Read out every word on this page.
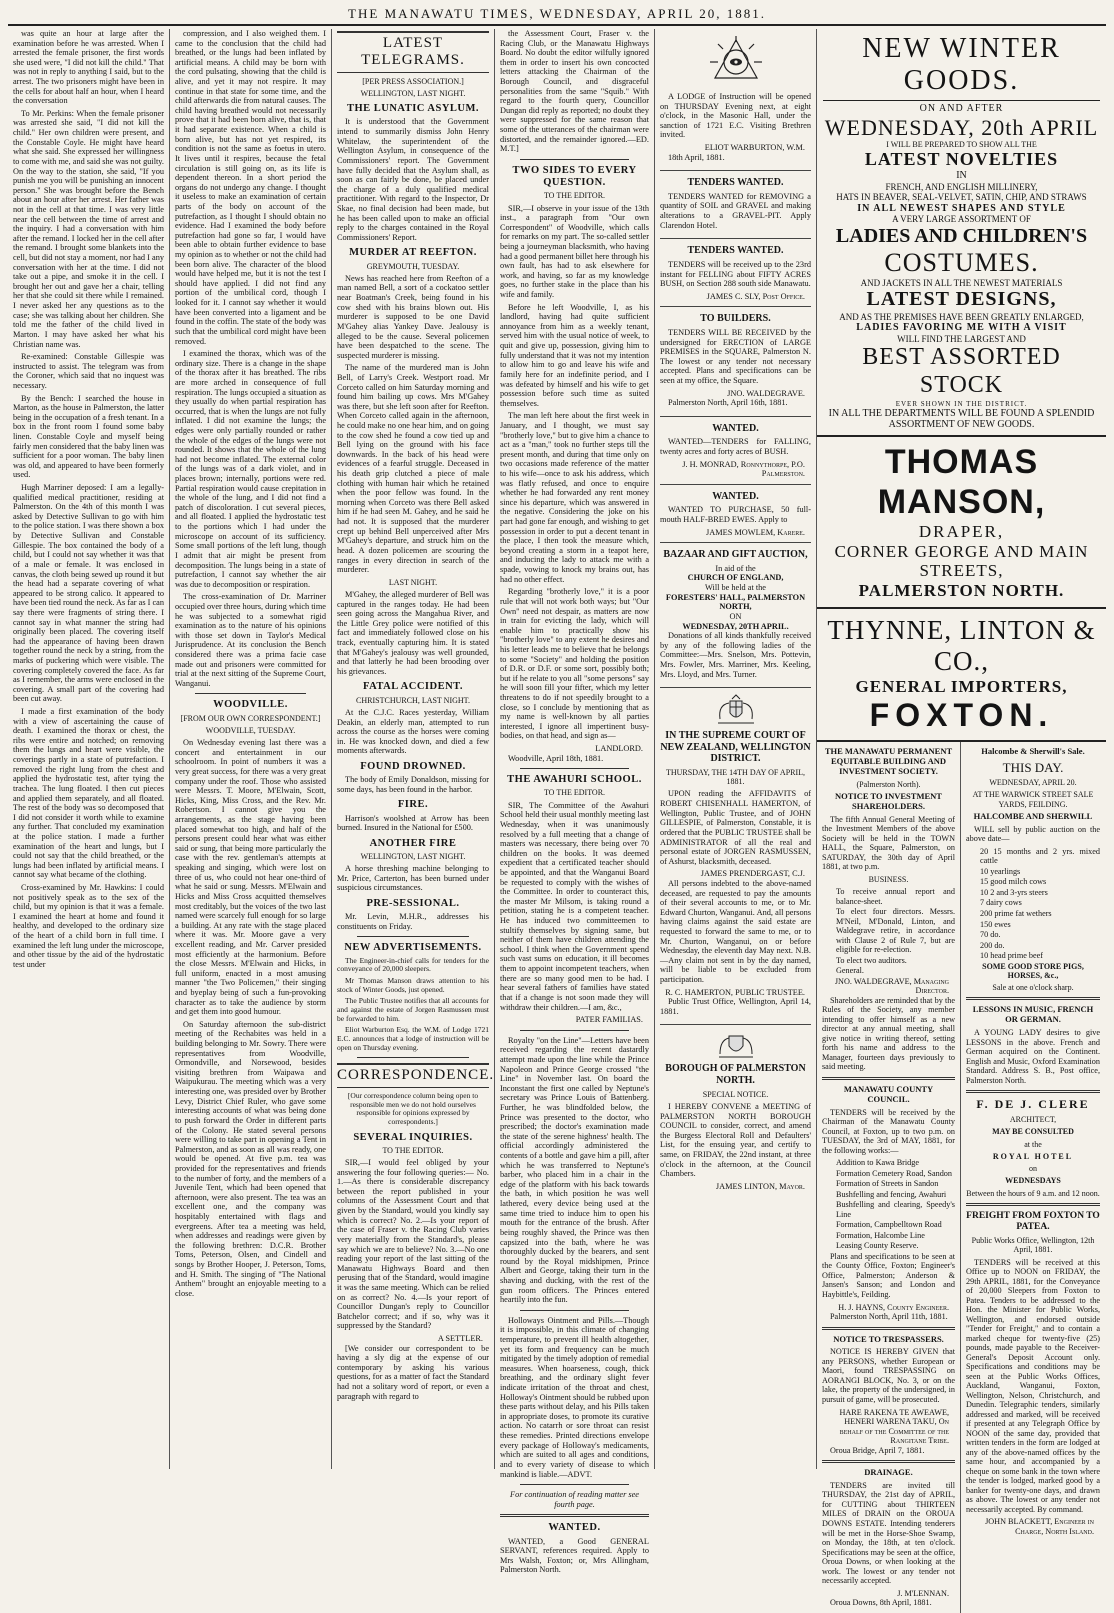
THE MANAWATU TIMES, WEDNESDAY, APRIL 20, 1881.

was quite an hour at large after the examination before he was arrested. When I arrested the female prisoner, the first words she used were, "I did not kill the child." That was not in reply to anything I said, but to the arrest. The two prisoners might have been in the cells for about half an hour, when I heard the conversation

To Mr. Perkins: When the female prisoner was arrested she said, "I did not kill the child." Her own children were present, and the Constable Coyle. He might have heard what she said. She expressed her willingness to come with me, and said she was not guilty. On the way to the station, she said, "If you punish me you will be punishing an innocent person." She was brought before the Bench about an hour after her arrest. Her father was not in the cell at that time. I was very little near the cell between the time of arrest and the inquiry. I had a conversation with him after the remand. I locked her in the cell after the remand. I brought some blankets into the cell, but did not stay a moment, nor had I any conversation with her at the time. I did not take out a pipe, and smoke it in the cell. I brought her out and gave her a chair, telling her that she could sit there while I remained. I never asked her any questions as to the case; she was talking about her children. She told me the father of the child lived in Marton. I may have asked her what his Christian name was.

Re-examined: Constable Gillespie was instructed to assist. The telegram was from the Coroner, which said that no inquest was necessary.

By the Bench: I searched the house in Marton, as the house in Palmerston, the latter being in the occupation of a fresh tenant. In a box in the front room I found some baby linen. Constable Coyle and myself being fairly men considered that the baby linen was sufficient for a poor woman. The baby linen was old, and appeared to have been formerly used.

Hugh Marriner deposed: I am a legally-qualified medical practitioner, residing at Palmerston. On the 4th of this month I was asked by Detective Sullivan to go with him to the police station. I was there shown a box by Detective Sullivan and Constable Gillespie. The box contained the body of a child, but I could not say whether it was that of a male or female. It was enclosed in canvas, the cloth being sewed up round it but the head had a separate covering of what appeared to be strong calico. It appeared to have been tied round the neck. As far as I can say there were fragments of string there. I cannot say in what manner the string had originally been placed. The covering itself had the appearance of having been drawn together round the neck by a string, from the marks of puckering which were visible. The covering completely covered the face. As far as I remember, the arms were enclosed in the covering. A small part of the covering had been cut away.

I made a first examination of the body with a view of ascertaining the cause of death. I examined the thorax or chest, the ribs were entire and notched; on removing them the lungs and heart were visible, the coverings partly in a state of putrefaction. I removed the right lung from the chest and applied the hydrostatic test, after tying the trachea. The lung floated. I then cut pieces and applied them separately, and all floated. The rest of the body was so decomposed that I did not consider it worth while to examine any further. That concluded my examination at the police station. I made a further examination of the heart and lungs, but I could not say that the child breathed, or the lungs had been inflated by artificial means. I cannot say what became of the clothing.

Cross-examined by Mr. Hawkins: I could not positively speak as to the sex of the child, but my opinion is that it was a female. I examined the heart at home and found it healthy, and developed to the ordinary size of the heart of a child born in full time. I examined the left lung under the microscope, and other tissue by the aid of the hydrostatic test under

compression, and I also weighed them. I came to the conclusion that the child had breathed, or the lungs had been inflated by artificial means. A child may be born with the cord pulsating, showing that the child is alive, and yet it may not respire. It may continue in that state for some time, and the child afterwards die from natural causes. The child having breathed would not necessarily prove that it had been born alive, that is, that it had separate existence. When a child is born alive, but has not yet respired, its condition is not the same as foetus in utero. It lives until it respires, because the fetal circulation is still going on, as its life is dependent thereon. In a short period the organs do not undergo any change. I thought it useless to make an examination of certain parts of the body on account of the putrefaction, as I thought I should obtain no evidence. Had I examined the body before putrefaction had gone so far, I would have been able to obtain further evidence to base my opinion as to whether or not the child had been born alive. The character of the blood would have helped me, but it is not the test I should have applied. I did not find any portion of the umbilical cord, though I looked for it. I cannot say whether it would have been converted into a ligament and be found in the coffin. The state of the body was such that the umbilical cord might have been removed.

I examined the thorax, which was of the ordinary size. There is a change in the shape of the thorax after it has breathed. The ribs are more arched in consequence of full respiration. The lungs occupied a situation as they usually do when partial respiration has occurred, that is when the lungs are not fully inflated. I did not examine the lungs; the edges were only partially rounded or rather the whole of the edges of the lungs were not rounded. It shows that the whole of the lung had not become inflated. The external color of the lungs was of a dark violet, and in places brown; internally, portions were red. Partial respiration would cause crepitation in the whole of the lung, and I did not find a patch of discoloration. I cut several pieces, and all floated. I applied the hydrostatic test to the portions which I had under the microscope on account of its sufficiency. Some small portions of the left lung, though I admit that air might be present from decomposition. The lungs being in a state of putrefaction, I cannot say whether the air was due to decomposition or respiration.

The cross-examination of Dr. Marriner occupied over three hours, during which time he was subjected to a somewhat rigid examination as to the nature of his opinions with those set down in Taylor's Medical Jurisprudence. At its conclusion the Bench considered there was a prima facie case made out and prisoners were committed for trial at the next sitting of the Supreme Court, Wanganui.

WOODVILLE.
[FROM OUR OWN CORRESPONDENT.]
WOODVILLE, TUESDAY.

On Wednesday evening last there was a concert and entertainment in our schoolroom. In point of numbers it was a very great success, for there was a very great company under the roof. Those who assisted were Messrs. T. Moore, M'Elwain, Scott, Hicks, King, Miss Cross, and the Rev. Mr. Robertson. I cannot give you the arrangements, as the stage having been placed somewhat too high, and half of the persons present could hear what was either said or sung, that being more particularly the case with the rev. gentleman's attempts at speaking and singing, which were lost on three of us, who could not hear one-third of what he said or sung. Messrs. M'Elwain and Hicks and Miss Cross acquitted themselves most creditably, but the voices of the two last named were scarcely full enough for so large a building. At any rate with the stage placed where it was. Mr. Moore gave a very excellent reading, and Mr. Carver presided most efficiently at the harmonium. Before the close Messrs. M'Elwain and Hicks, in full uniform, enacted in a most amusing manner "the Two Policemen," their singing and byeplay being of such a fun-provoking character as to take the audience by storm and get them into good humour.

On Saturday afternoon the sub-district meeting of the Rechabites was held in a building belonging to Mr. Sowry. There were representatives from Woodville, Ormondville, and Norsewood, besides visiting brethren from Waipawa and Waipukurau. The meeting which was a very interesting one, was presided over by Brother Levy, District Chief Ruler, who gave some interesting accounts of what was being done to push forward the Order in different parts of the Colony. He stated several persons were willing to take part in opening a Tent in Palmerston, and as soon as all was ready, one would be opened. At five p.m. tea was provided for the representatives and friends to the number of forty, and the members of a Juvenile Tent, which had been opened that afternoon, were also present. The tea was an excellent one, and the company was hospitably entertained with flags and evergreens. After tea a meeting was held, when addresses and readings were given by the following brethren: D.C.R. Brother Toms, Peterson, Olsen, and Cindell and songs by Brother Hooper, J. Peterson, Toms, and H. Smith. The singing of "The National Anthem" brought an enjoyable meeting to a close.

LATEST TELEGRAMS.
[PER PRESS ASSOCIATION.]
WELLINGTON, LAST NIGHT.
THE LUNATIC ASYLUM.

It is understood that the Government intend to summarily dismiss John Henry Whitelaw, the superintendent of the Wellington Asylum, in consequence of the Commissioners' report. The Government have fully decided that the Asylum shall, as soon as can fairly be done, be placed under the charge of a duly qualified medical practitioner. With regard to the Inspector, Dr Skae, no final decision had been made, but he has been called upon to make an official reply to the charges contained in the Royal Commissioners' Report.

MURDER AT REEFTON.
GREYMOUTH, TUESDAY.

News has reached here from Reefton of a man named Bell, a sort of a cockatoo settler near Boatman's Creek, being found in his cow shed with his brains blown out. His murderer is supposed to be one David M'Gahey alias Yankey Dave. Jealousy is alleged to be the cause. Several policemen have been despatched to the scene. The suspected murderer is missing.

The name of the murdered man is John Bell, of Larry's Creek. Westport road. Mr Corceto called on him Saturday morning and found him bailing up cows. Mrs M'Gahey was there, but she left soon after for Reefton. When Corceto called again in the afternoon, he could make no one hear him, and on going to the cow shed he found a cow tied up and Bell lying on the ground with his face downwards. In the back of his head were evidences of a fearful struggle. Deceased in his death grip clutched a piece of male clothing with human hair which he retained when the poor fellow was found. In the morning when Corceto was there Bell asked him if he had seen M. Gahey, and he said he had not. It is supposed that the murderer crept up behind Bell unperceived after Mrs M'Gahey's departure, and struck him on the head. A dozen policemen are scouring the ranges in every direction in search of the murderer.

LAST NIGHT.

M'Gahey, the alleged murderer of Bell was captured in the ranges today. He had been seen going across the Mangahua River, and the Little Grey police were notified of this fact and immediately followed close on his track, eventually capturing him. It is stated that M'Gahey's jealousy was well grounded, and that latterly he had been brooding over his grievances.

FATAL ACCIDENT.
CHRISTCHURCH, LAST NIGHT.

At the C.J.C. Races yesterday, William Deakin, an elderly man, attempted to run across the course as the horses were coming in. He was knocked down, and died a few moments afterwards.

FOUND DROWNED.

The body of Emily Donaldson, missing for some days, has been found in the harbor.

FIRE.

Harrison's woolshed at Arrow has been burned. Insured in the National for £500.

ANOTHER FIRE
WELLINGTON, LAST NIGHT.

A horse threshing machine belonging to Mr. Price, Carterton, has been burned under suspicious circumstances.

PRE-SESSIONAL.

Mr. Levin, M.H.R., addresses his constituents on Friday.

NEW ADVERTISEMENTS.

The Engineer-in-chief calls for tenders for the conveyance of 20,000 sleepers.

Mr Thomas Manson draws attention to his stock of Winter Goods, just opened.

The Public Trustee notifies that all accounts for and against the estate of Jorgen Rasmussen must be forwarded to him.

Eliot Warburton Esq. the W.M. of Lodge 1721 E.C. announces that a lodge of instruction will be open on Thursday evening.

CORRESPONDENCE.
[Our correspondence column being open to responsible men we do not hold ourselves responsible for opinions expressed by correspondents.]
SEVERAL INQUIRIES.
TO THE EDITOR.

SIR,—I would feel obliged by your answering the four following queries:— No. 1.—As there is considerable discrepancy between the report published in your columns of the Assessment Court and that given by the Standard, would you kindly say which is correct? No. 2.—Is your report of the case of Fraser v. the Racing Club varies very materially from the Standard's, please say which we are to believe? No. 3.—No one reading your report of the last sitting of the Manawatu Highways Board and then perusing that of the Standard, would imagine it was the same meeting. Which can be relied on as correct? No. 4.—Is your report of Councillor Dungan's reply to Councillor Batchelor correct; and if so, why was it suppressed by the Standard?

A SETTLER.

[We consider our correspondent to be having a sly dig at the expense of our contemporary by asking his various questions, for as a matter of fact the Standard had not a solitary word of report, or even a paragraph with regard to

the Assessment Court, Fraser v. the Racing Club, or the Manawatu Highways Board. No doubt the editor wilfully ignored them in order to insert his own concocted letters attacking the Chairman of the Borough Council, and disgraceful personalities from the same "Squib." With regard to the fourth query, Councillor Dungan did reply as reported; no doubt they were suppressed for the same reason that some of the utterances of the chairman were distorted, and the remainder ignored.—ED. M.T.]

TWO SIDES TO EVERY QUESTION.
TO THE EDITOR.

SIR,—I observe in your issue of the 13th inst., a paragraph from "Our own Correspondent" of Woodville, which calls for remarks on my part. The so-called settler being a journeyman blacksmith, who having had a good permanent billet here through his own fault, has had to ask elsewhere for work, and having, so far as my knowledge goes, no further stake in the place than his wife and family.

Before he left Woodville, I, as his landlord, having had quite sufficient annoyance from him as a weekly tenant, served him with the usual notice of week, to quit and give up, possession, giving him to fully understand that it was not my intention to allow him to go and leave his wife and family here for an indefinite period, and I was defeated by himself and his wife to get possession before such time as suited themselves.

The man left here about the first week in January, and I thought, we must say "brotherly love," but to give him a chance to act as a "man," took no further steps till the present month, and during that time only on two occasions made reference of the matter to his wife—once to ask his address, which was flatly refused, and once to enquire whether he had forwarded any rent money since his departure, which was answered in the negative. Considering the joke on his part had gone far enough, and wishing to get possession in order to put a decent tenant in the place, I then took the measure which, beyond creating a storm in a teapot here, and inducing the lady to attack me with a spade, vowing to knock my brains out, has had no other effect.

Regarding "brotherly love," it is a poor rule that will not work both ways; but "Our Own" need not despair, as matters are now in train for evicting the lady, which will enable him to practically show his "brotherly love" to any extent he desires and his letter leads me to believe that he belongs to some "Society" and holding the position of D.R. or D.F. or some sort, possibly both; but if he relate to you all "some persons" say he will soon fill your fifter, which my letter threatens to do if not speedily brought to a close, so I conclude by mentioning that as my name is well-known by all parties interested, I ignore all impertinent busy-bodies, on that head, and sign as—

LANDLORD.

Woodville, April 18th, 1881.

THE AWAHURI SCHOOL.
TO THE EDITOR.

SIR, The Committee of the Awahuri School held their usual monthly meeting last Wednesday, when it was unanimously resolved by a full meeting that a change of masters was necessary, there being over 70 children on the books. It was deemed expedient that a certificated teacher should be appointed, and that the Wanganui Board be requested to comply with the wishes of the Committee. In order to counteract this, the master Mr Milsom, is taking round a petition, stating he is a competent teacher. He has induced two committeemen to stultify themselves by signing same, but neither of them have children attending the school. I think when the Government spend such vast sums on education, it ill becomes them to appoint incompetent teachers, when there are so many good men to be had. I hear several fathers of families have stated that if a change is not soon made they will withdraw their children.—I am, &c.,

PATER FAMILIAS.

Royalty "on the Line"—Letters have been received regarding the recent dastardly attempt made upon the line while the Prince Napoleon and Prince George crossed "the Line" in November last. On board the Inconstant the first one called by Neptune's secretary was Prince Louis of Battenberg. Further, he was blindfolded below, the Prince was presented to the doctor, who prescribed; the doctor's examination made the state of the serene highness' health. The official accordingly administered the contents of a bottle and gave him a pill, after which he was transferred to Neptune's barber, who placed him in a chair in the edge of the platform with his back towards the bath, in which position he was well lathered, every device being used at the same time tried to induce him to open his mouth for the entrance of the brush. After being roughly shaved, the Prince was then capsized into the bath, where he was thoroughly ducked by the bearers, and sent round by the Royal midshipmen, Prince Albert and George, taking their turn in the shaving and ducking, with the rest of the gun room officers. The Princes entered heartily into the fun.

Holloways Ointment and Pills.—Though it is impossible, in this climate of changing temperature, to prevent ill health altogether, yet its form and frequency can be much mitigated by the timely adoption of remedial measures. When hoarseness, cough, thick breathing, and the ordinary slight fever indicate irritation of the throat and chest, Holloway's Ointment should be rubbed upon these parts without delay, and his Pills taken in appropriate doses, to promote its curative action. No catarrh or sore throat can resist these remedies. Printed directions envelope every package of Holloway's medicaments, which are suited to all ages and conditions, and to every variety of disease to which mankind is liable.—ADVT.

For continuation of reading matter see fourth page.

WANTED.

WANTED, a Good GENERAL SERVANT, references required. Apply to Mrs Walsh, Foxton; or, Mrs Allingham, Palmerston North.

A LODGE of Instruction will be opened on THURSDAY Evening next, at eight o'clock, in the Masonic Hall, under the sanction of 1721 E.C. Visiting Brethren invited.

ELIOT WARBURTON, W.M.

18th April, 1881.

TENDERS WANTED.

TENDERS WANTED for REMOVING a quantity of SOIL and GRAVEL and making alterations to a GRAVEL-PIT. Apply Clarendon Hotel.

TENDERS WANTED.

TENDERS will be received up to the 23rd instant for FELLING about FIFTY ACRES BUSH, on Section 288 south side Manawatu.

JAMES C. SLY, Post Office.
TO BUILDERS.

TENDERS WILL BE RECEIVED by the undersigned for ERECTION of LARGE PREMISES in the SQUARE, Palmerston N. The lowest or any tender not necessary accepted. Plans and specifications can be seen at my office, the Square.

JNO. WALDEGRAVE.

Palmerston North, April 16th, 1881.

WANTED.

WANTED—TENDERS for FALLING, twenty acres and forty acres of BUSH.

J. H. MONRAD, Ronnythorpe, P.O. Palmerston.
WANTED.

WANTED TO PURCHASE, 50 full-mouth HALF-BRED EWES. Apply to

JAMES MOWLEM, Karere.
BAZAAR AND GIFT AUCTION,
In aid of the
CHURCH OF ENGLAND,
Will be held at the
FORESTERS' HALL, PALMERSTON NORTH,
ON
WEDNESDAY, 20TH APRIL.

Donations of all kinds thankfully received by any of the following ladies of the Committee:—Mrs. Snelson, Mrs. Pottevin, Mrs. Fowler, Mrs. Marriner, Mrs. Keeling, Mrs. Lloyd, and Mrs. Turner.

IN THE SUPREME COURT OF NEW ZEALAND, WELLINGTON DISTRICT.
THURSDAY, THE 14TH DAY OF APRIL, 1881.

UPON reading the AFFIDAVITS of ROBERT CHISENHALL HAMERTON, of Wellington, Public Trustee, and of JOHN GILLESPIE, of Palmerston, Constable, it is ordered that the PUBLIC TRUSTEE shall be ADMINISTRATOR of all the real and personal estate of JORGEN RASMUSSEN, of Ashurst, blacksmith, deceased.

JAMES PRENDERGAST, C.J.

All persons indebted to the above-named deceased, are requested to pay the amounts of their several accounts to me, or to Mr. Edward Churton, Wanganui. And, all persons having claims against the said estate are requested to forward the same to me, or to Mr. Churton, Wanganui, on or before Wednesday, the eleventh day May next. N.B.—Any claim not sent in by the day named, will be liable to be excluded from participation.

R. C. HAMERTON, PUBLIC TRUSTEE.

Public Trust Office, Wellington, April 14, 1881.

BOROUGH OF PALMERSTON NORTH.
SPECIAL NOTICE.

I HEREBY CONVENE a MEETING of PALMERSTON NORTH BOROUGH COUNCIL to consider, correct, and amend the Burgess Electoral Roll and Defaulters' List, for the ensuing year, and certify to same, on FRIDAY, the 22nd instant, at three o'clock in the afternoon, at the Council Chambers.

JAMES LINTON, Mayor.
NEW WINTER GOODS.
ON AND AFTER
WEDNESDAY, 20th APRIL
I WILL BE PREPARED TO SHOW ALL THE
LATEST NOVELTIES
IN
FRENCH, AND ENGLISH MILLINERY,
HATS IN BEAVER, SEAL-VELVET, SATIN, CHIP, AND STRAWS
IN ALL NEWEST SHAPES AND STYLE
A VERY LARGE ASSORTMENT OF
LADIES AND CHILDREN'S
COSTUMES.
AND JACKETS IN ALL THE NEWEST MATERIALS
LATEST DESIGNS,
AND AS THE PREMISES HAVE BEEN GREATLY ENLARGED,
LADIES FAVORING ME WITH A VISIT
WILL FIND THE LARGEST AND
BEST ASSORTED STOCK
EVER SHOWN IN THE DISTRICT.
IN ALL THE DEPARTMENTS WILL BE FOUND A SPLENDID ASSORTMENT OF NEW GOODS.
THOMAS MANSON,
DRAPER,
CORNER GEORGE AND MAIN STREETS,
PALMERSTON NORTH.
THYNNE, LINTON & CO.,
GENERAL IMPORTERS,
FOXTON.
THE MANAWATU PERMANENT EQUITABLE BUILDING AND INVESTMENT SOCIETY.
(Palmerston North).
NOTICE TO INVESTMENT SHAREHOLDERS.

The fifth Annual General Meeting of the Investment Members of the above Society will be held in the TOWN HALL, the Square, Palmerston, on SATURDAY, the 30th day of April 1881, at two p.m.

BUSINESS.
To receive annual report and balance-sheet.
To elect four directors. Messrs. M'Neil, M'Donald, Linton, and Waldegrave retire, in accordance with Clause 2 of Rule 7, but are eligible for re-election.
To elect two auditors.
General.
JNO. WALDEGRAVE, Managing Director.

Shareholders are reminded that by the Rules of the Society, any member intending to offer himself as a new director at any annual meeting, shall give notice in writing thereof, setting forth his name and address to the Manager, fourteen days previously to said meeting.

MANAWATU COUNTY COUNCIL.

TENDERS will be received by the Chairman of the Manawatu County Council, at Foxton, up to two p.m. on TUESDAY, the 3rd of MAY, 1881, for the following works:—

Addition to Kawa Bridge
Formation Cemetery Road, Sandon
Formation of Streets in Sandon
Bushfelling and fencing, Awahuri
Bushfelling and clearing, Speedy's Line
Formation, Campbelltown Road
Formation, Halcombe Line
Leasing County Reserve.

Plans and specifications to be seen at the County Office, Foxton; Engineer's Office, Palmerston; Anderson & Jansen's Sanson; and London and Haybittle's, Feilding.

H. J. HAYNS, County Engineer.

Palmerston North, April 11th, 1881.

NOTICE TO TRESPASSERS.

NOTICE IS HEREBY GIVEN that any PERSONS, whether European or Maori, found TRESPASSING on AORANGI BLOCK, No. 3, or on the lake, the property of the undersigned, in pursuit of game, will be prosecuted.

HARE RAKENA TE AWEAWE, HENERI WARENA TAKU, On behalf of the Committee of the Rangitane Tribe.

Oroua Bridge, April 7, 1881.

DRAINAGE.

TENDERS are invited till THURSDAY, the 21st day of APRIL, for CUTTING about THIRTEEN MILES of DRAIN on the OROUA DOWNS ESTATE. Intending tenderers will be met in the Horse-Shoe Swamp, on Monday, the 18th, at ten o'clock. Specifications may be seen at the office, Oroua Downs, or when looking at the work. The lowest or any tender not necessarily accepted.

J. M'LENNAN.

Oroua Downs, 8th April, 1881.

Halcombe & Sherwill's Sale.
THIS DAY.
WEDNESDAY, APRIL 20.
AT THE WARWICK STREET SALE YARDS, FEILDING.
HALCOMBE AND SHERWILL

WILL sell by public auction on the above date—

20 15 months and 2 yrs. mixed cattle
10 yearlings
15 good milch cows
10 2 and 3-yrs steers
7 dairy cows
200 prime fat wethers
150 ewes
70 do.
200 do.
10 head prime beef
SOME GOOD STORE PIGS, HORSES, &c.,
Sale at one o'clock sharp.
LESSONS IN MUSIC, FRENCH OR GERMAN.

A YOUNG LADY desires to give LESSONS in the above. French and German acquired on the Continent. English and Music, Oxford Examination Standard. Address S. B., Post office, Palmerston North.

F. DE J. CLERE
ARCHITECT,
MAY BE CONSULTED
at the
ROYAL HOTEL
on
WEDNESDAYS
Between the hours of 9 a.m. and 12 noon.
FREIGHT FROM FOXTON TO PATEA.
Public Works Office, Wellington, 12th April, 1881.

TENDERS will be received at this Office up to NOON on FRIDAY, the 29th APRIL, 1881, for the Conveyance of 20,000 Sleepers from Foxton to Patea. Tenders to be addressed to the Hon. the Minister for Public Works, Wellington, and endorsed outside "Tender for Freight," and to contain a marked cheque for twenty-five (25) pounds, made payable to the Receiver-General's Deposit Account only. Specifications and conditions may be seen at the Public Works Offices, Auckland, Wanganui, Foxton, Wellington, Nelson, Christchurch, and Dunedin. Telegraphic tenders, similarly addressed and marked, will be received if presented at any Telegraph Office by NOON of the same day, provided that written tenders in the form are lodged at any of the above-named offices by the same hour, and accompanied by a cheque on some bank in the town where the tender is lodged, marked good by a banker for twenty-one days, and drawn as above. The lowest or any tender not necessarily accepted. By command.

JOHN BLACKETT, Engineer in Charge, North Island.
